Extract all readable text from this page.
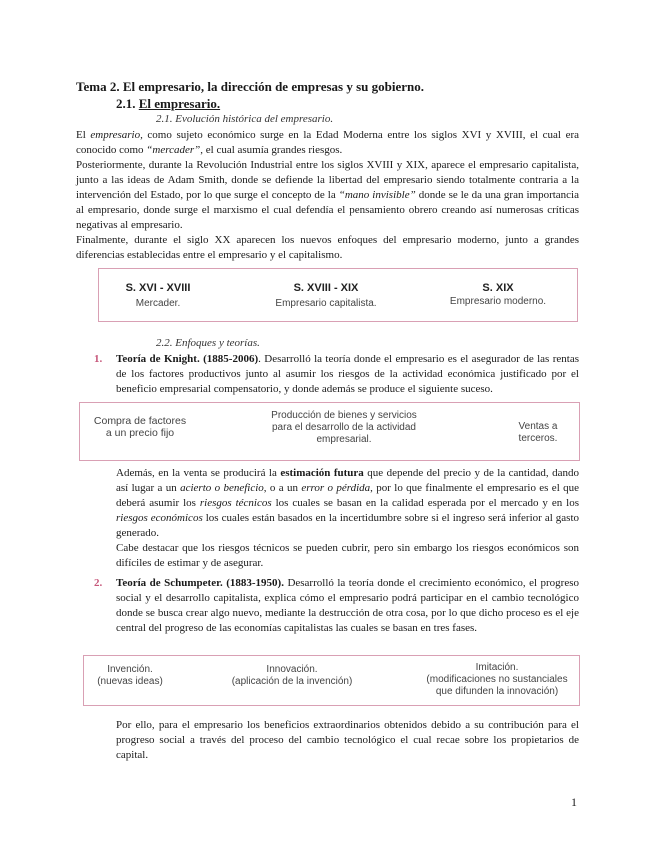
Tema 2. El empresario, la dirección de empresas y su gobierno.
2.1. El empresario.
2.1. Evolución histórica del empresario.

El empresario, como sujeto económico surge en la Edad Moderna entre los siglos XVI y XVIII, el cual era conocido como “mercader”, el cual asumía grandes riesgos.

Posteriormente, durante la Revolución Industrial entre los siglos XVIII y XIX, aparece el empresario capitalista, junto a las ideas de Adam Smith, donde se defiende la libertad del empresario siendo totalmente contraria a la intervención del Estado, por lo que surge el concepto de la “mano invisible” donde se le da una gran importancia al empresario, donde surge el marxismo el cual defendía el pensamiento obrero creando así numerosas críticas negativas al empresario.

Finalmente, durante el siglo XX aparecen los nuevos enfoques del empresario moderno, junto a grandes diferencias establecidas entre el empresario y el capitalismo.

S. XVI - XVIII
Mercader.
S. XVIII - XIX
Empresario capitalista.
S. XIX
Empresario moderno.
2.2. Enfoques y teorías.
1. Teoría de Knight. (1885-2006). Desarrolló la teoría donde el empresario es el asegurador de las rentas de los factores productivos junto al asumir los riesgos de la actividad económica justificado por el beneficio empresarial compensatorio, y donde además se produce el siguiente suceso.

Compra de factores
a un precio fijo
Producción de bienes y servicios
para el desarrollo de la actividad
empresarial.
Ventas a terceros.

Además, en la venta se producirá la estimación futura que depende del precio y de la cantidad, dando así lugar a un acierto o beneficio, o a un error o pérdida, por lo que finalmente el empresario es el que deberá asumir los riesgos técnicos los cuales se basan en la calidad esperada por el mercado y en los riesgos económicos los cuales están basados en la incertidumbre sobre si el ingreso será inferior al gasto generado.

Cabe destacar que los riesgos técnicos se pueden cubrir, pero sin embargo los riesgos económicos son difíciles de estimar y de asegurar.

2. Teoría de Schumpeter. (1883-1950). Desarrolló la teoría donde el crecimiento económico, el progreso social y el desarrollo capitalista, explica cómo el empresario podrá participar en el cambio tecnológico donde se busca crear algo nuevo, mediante la destrucción de otra cosa, por lo que dicho proceso es el eje central del progreso de las economías capitalistas las cuales se basan en tres fases.

Invención.
(nuevas ideas)
Innovación.
(aplicación de la invención)
Imitación.
(modificaciones no sustanciales
que difunden la innovación)

Por ello, para el empresario los beneficios extraordinarios obtenidos debido a su contribución para el progreso social a través del proceso del cambio tecnológico el cual recae sobre los propietarios de capital.

1
